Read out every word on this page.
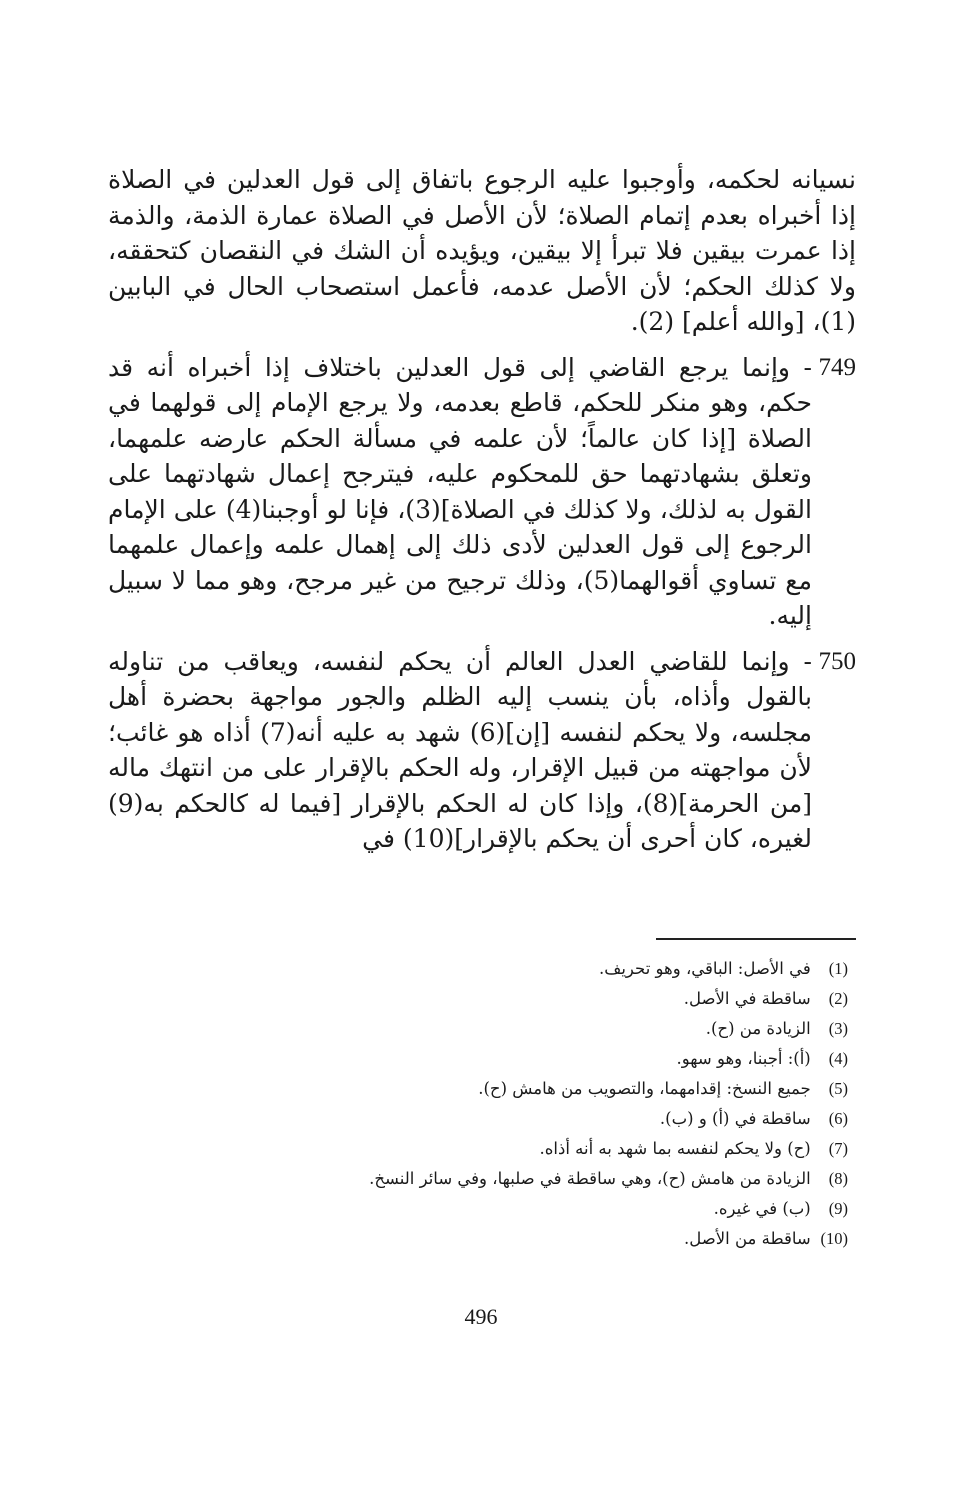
نسيانه لحكمه، وأوجبوا عليه الرجوع باتفاق إلى قول العدلين في الصلاة إذا أخبراه بعدم إتمام الصلاة؛ لأن الأصل في الصلاة عمارة الذمة، والذمة إذا عمرت بيقين فلا تبرأ إلا بيقين، ويؤيده أن الشك في النقصان كتحققه، ولا كذلك الحكم؛ لأن الأصل عدمه، فأعمل استصحاب الحال في البابين (1)، [والله أعلم] (2).

749
- وإنما يرجع القاضي إلى قول العدلين باختلاف إذا أخبراه أنه قد حكم، وهو منكر للحكم، قاطع بعدمه، ولا يرجع الإمام إلى قولهما في الصلاة [إذا كان عالماً؛ لأن علمه في مسألة الحكم عارضه علمهما، وتعلق بشهادتهما حق للمحكوم عليه، فيترجح إعمال شهادتهما على القول به لذلك، ولا كذلك في الصلاة](3)، فإنا لو أوجبنا(4) على الإمام الرجوع إلى قول العدلين لأدى ذلك إلى إهمال علمه وإعمال علمهما مع تساوي أقوالهما(5)، وذلك ترجيح من غير مرجح، وهو مما لا سبيل إليه.
750
- وإنما للقاضي العدل العالم أن يحكم لنفسه، ويعاقب من تناوله بالقول وأذاه، بأن ينسب إليه الظلم والجور مواجهة بحضرة أهل مجلسه، ولا يحكم لنفسه [إن](6) شهد به عليه أنه(7) أذاه هو غائب؛ لأن مواجهته من قبيل الإقرار، وله الحكم بالإقرار على من انتهك ماله [من الحرمة](8)، وإذا كان له الحكم بالإقرار [فيما له كالحكم به(9) لغيره، كان أحرى أن يحكم بالإقرار](10) في
(1) في الأصل: الباقي، وهو تحريف.
(2) ساقطة في الأصل.
(3) الزيادة من (ح).
(4) (أ): أجبنا، وهو سهو.
(5) جميع النسخ: إقدامهما، والتصويب من هامش (ح).
(6) ساقطة في (أ) و (ب).
(7) (ح) ولا يحكم لنفسه بما شهد به أنه أذاه.
(8) الزيادة من هامش (ح)، وهي ساقطة في صلبها، وفي سائر النسخ.
(9) (ب) في غيره.
(10) ساقطة من الأصل.
496
